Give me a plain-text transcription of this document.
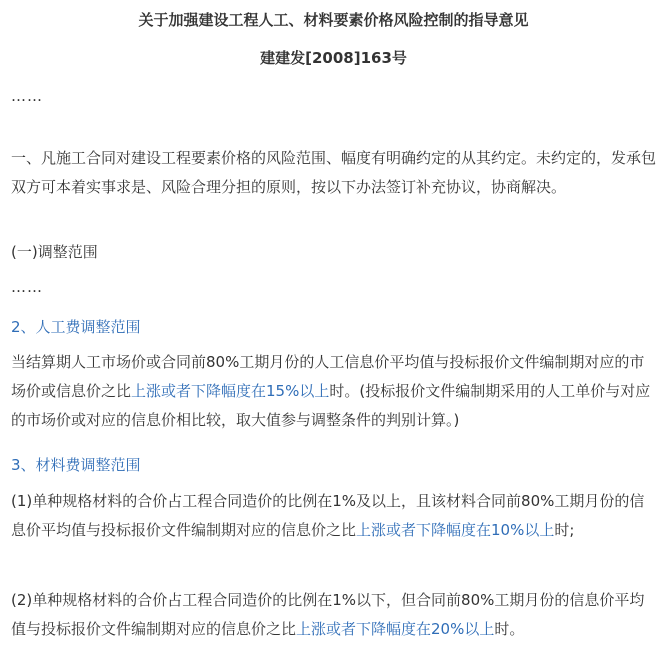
关于加强建设工程人工、材料要素价格风险控制的指导意见
建建发[2008]163号
……

一、凡施工合同对建设工程要素价格的风险范围、幅度有明确约定的从其约定。未约定的，发承包双方可本着实事求是、风险合理分担的原则，按以下办法签订补充协议，协商解决。

(一)调整范围
……
2、人工费调整范围

当结算期人工市场价或合同前80%工期月份的人工信息价平均值与投标报价文件编制期对应的市场价或信息价之比上涨或者下降幅度在15%以上时。(投标报价文件编制期采用的人工单价与对应的市场价或对应的信息价相比较，取大值参与调整条件的判别计算。)

3、材料费调整范围

(1)单种规格材料的合价占工程合同造价的比例在1%及以上，且该材料合同前80%工期月份的信息价平均值与投标报价文件编制期对应的信息价之比上涨或者下降幅度在10%以上时;

(2)单种规格材料的合价占工程合同造价的比例在1%以下，但合同前80%工期月份的信息价平均值与投标报价文件编制期对应的信息价之比上涨或者下降幅度在20%以上时。
